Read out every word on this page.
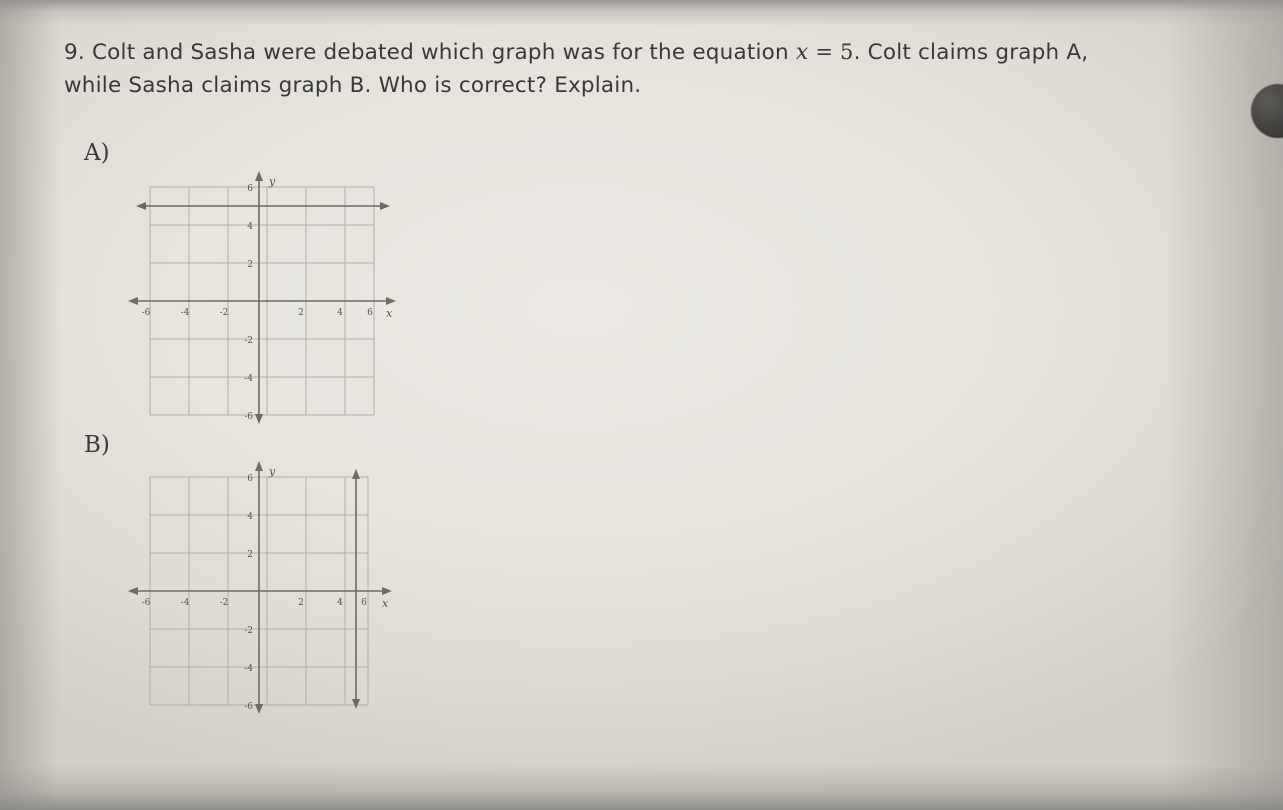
9. Colt and Sasha were debated which graph was for the equation x = 5. Colt claims graph A,
while Sasha claims graph B. Who is correct? Explain.
A)
B)
-6	-4	-2	2	4	6
6
4
2
-2
-4
-6
y
x
-6	-4	-2	2	4 6
6
4
2
-2
-4
-6
y
x
